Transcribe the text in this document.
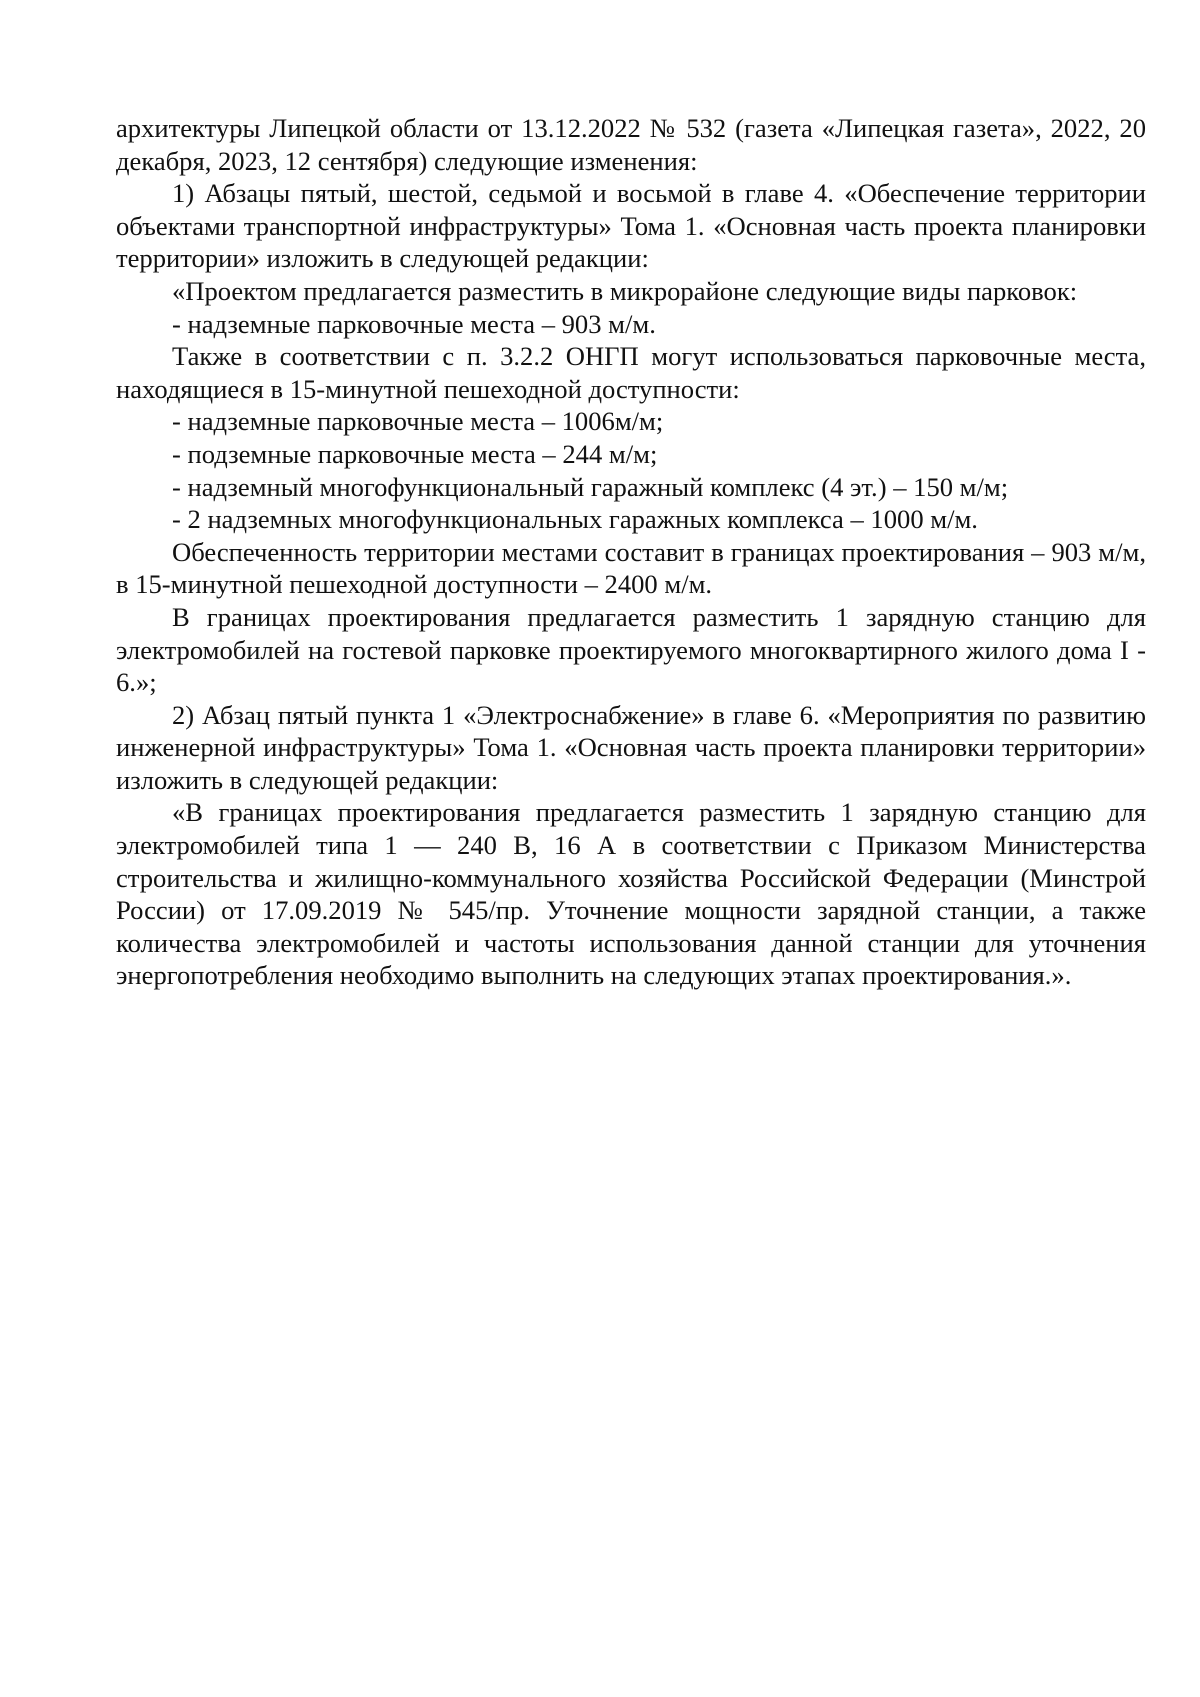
архитектуры Липецкой области от 13.12.2022 № 532 (газета «Липецкая газета», 2022, 20 декабря, 2023, 12 сентября) следующие изменения:

1) Абзацы пятый, шестой, седьмой и восьмой в главе 4. «Обеспечение территории объектами транспортной инфраструктуры» Тома 1. «Основная часть проекта планировки территории» изложить в следующей редакции:

«Проектом предлагается разместить в микрорайоне следующие виды парковок:

- надземные парковочные места – 903 м/м.

Также в соответствии с п. 3.2.2 ОНГП могут использоваться парковочные места, находящиеся в 15-минутной пешеходной доступности:

- надземные парковочные места – 1006м/м;

- подземные парковочные места – 244 м/м;

- надземный многофункциональный гаражный комплекс (4 эт.) – 150 м/м;

- 2 надземных многофункциональных гаражных комплекса – 1000 м/м.

Обеспеченность территории местами составит в границах проектирования – 903 м/м, в 15-минутной пешеходной доступности – 2400 м/м.

В границах проектирования предлагается разместить 1 зарядную станцию для электромобилей на гостевой парковке проектируемого многоквартирного жилого дома I - 6.»;

2) Абзац пятый пункта 1 «Электроснабжение» в главе 6. «Мероприятия по развитию инженерной инфраструктуры» Тома 1. «Основная часть проекта планировки территории» изложить в следующей редакции:

«В границах проектирования предлагается разместить 1 зарядную станцию для электромобилей типа 1 — 240 В, 16 А в соответствии с Приказом Министерства строительства и жилищно-коммунального хозяйства Российской Федерации (Минстрой России) от 17.09.2019 № 545/пр. Уточнение мощности зарядной станции, а также количества электромобилей и частоты использования данной станции для уточнения энергопотребления необходимо выполнить на следующих этапах проектирования.».
